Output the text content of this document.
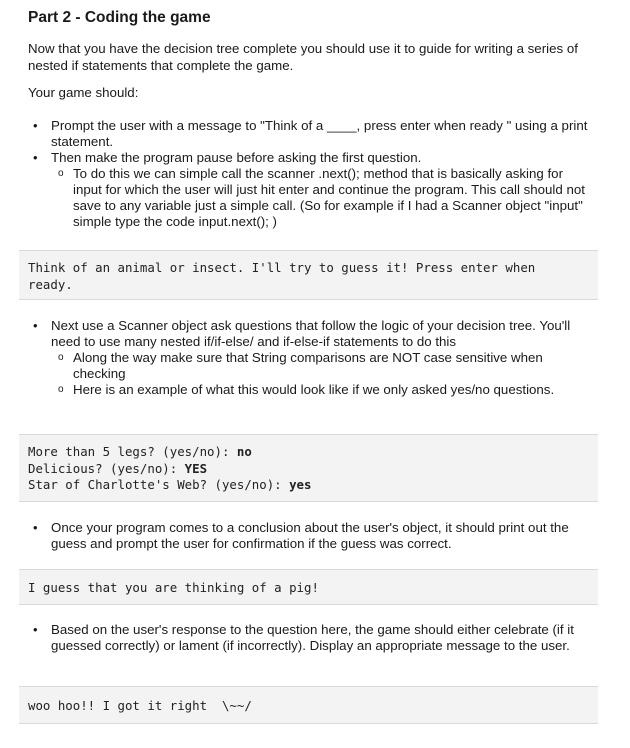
Part 2 - Coding the game
Now that you have the decision tree complete you should use it to guide for writing a series of nested if statements that complete the game.
Your game should:
• Prompt the user with a message to "Think of a ____, press enter when ready " using a print statement.
• Then make the program pause before asking the first question.
o To do this we can simple call the scanner .next(); method that is basically asking for input for which the user will just hit enter and continue the program. This call should not save to any variable just a simple call. (So for example if I had a Scanner object "input" simple type the code input.next(); )
Think of an animal or insect. I'll try to guess it! Press enter when
ready.
• Next use a Scanner object ask questions that follow the logic of your decision tree. You'll need to use many nested if/if-else/ and if-else-if statements to do this
o Along the way make sure that String comparisons are NOT case sensitive when checking
o Here is an example of what this would look like if we only asked yes/no questions.
More than 5 legs? (yes/no): no
Delicious? (yes/no): YES
Star of Charlotte's Web? (yes/no): yes
• Once your program comes to a conclusion about the user's object, it should print out the guess and prompt the user for confirmation if the guess was correct.
I guess that you are thinking of a pig!
• Based on the user's response to the question here, the game should either celebrate (if it guessed correctly) or lament (if incorrectly). Display an appropriate message to the user.
woo hoo!! I got it right  \~~/
